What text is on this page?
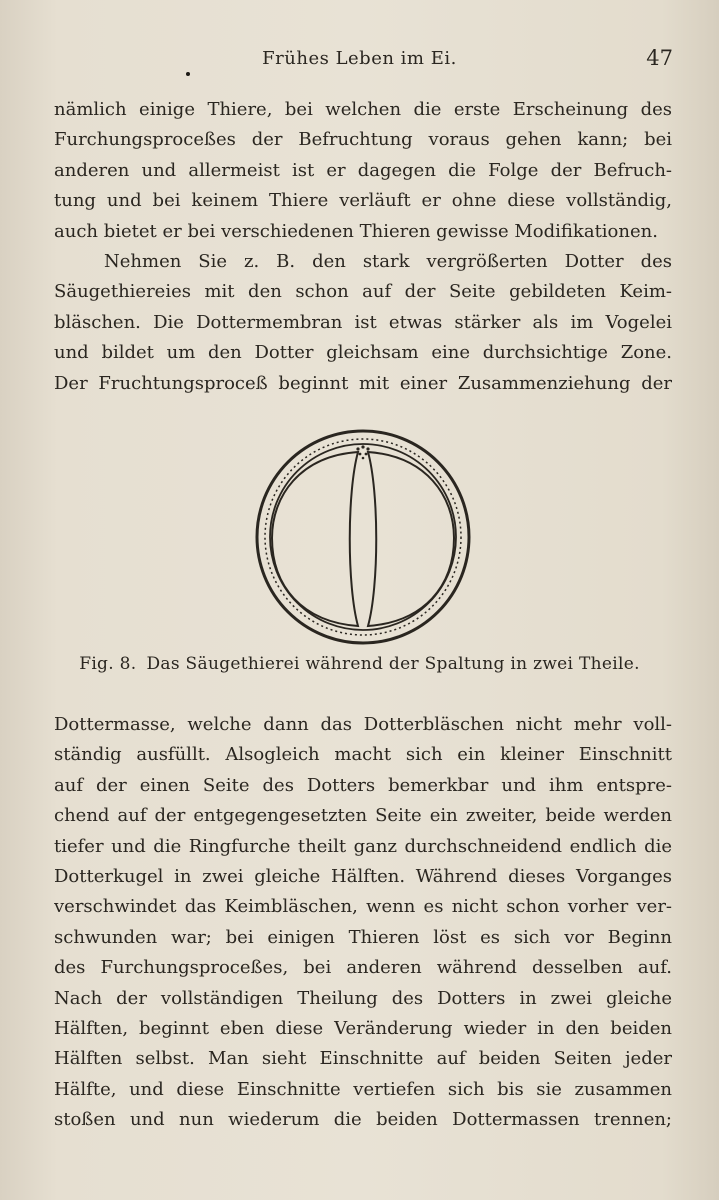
Frühes Leben im Ei.	47
nämlich einige Thiere, bei welchen die erste Erscheinung des
Furchungsproceßes der Befruchtung voraus gehen kann; bei
anderen und allermeist ist er dagegen die Folge der Befruch-
tung und bei keinem Thiere verläuft er ohne diese vollständig,
auch bietet er bei verschiedenen Thieren gewisse Modifikationen.
Nehmen Sie z. B. den stark vergrößerten Dotter des
Säugethiereies mit den schon auf der Seite gebildeten Keim-
bläschen. Die Dottermembran ist etwas stärker als im Vogelei
und bildet um den Dotter gleichsam eine durchsichtige Zone.
Der Fruchtungsproceß beginnt mit einer Zusammenziehung der
Fig. 8. Das Säugethierei während der Spaltung in zwei Theile.
Dottermasse, welche dann das Dotterbläschen nicht mehr voll-
ständig ausfüllt. Alsogleich macht sich ein kleiner Einschnitt
auf der einen Seite des Dotters bemerkbar und ihm entspre-
chend auf der entgegengesetzten Seite ein zweiter, beide werden
tiefer und die Ringfurche theilt ganz durchschneidend endlich die
Dotterkugel in zwei gleiche Hälften. Während dieses Vorganges
verschwindet das Keimbläschen, wenn es nicht schon vorher ver-
schwunden war; bei einigen Thieren löst es sich vor Beginn
des Furchungsproceßes, bei anderen während desselben auf.
Nach der vollständigen Theilung des Dotters in zwei gleiche
Hälften, beginnt eben diese Veränderung wieder in den beiden
Hälften selbst. Man sieht Einschnitte auf beiden Seiten jeder
Hälfte, und diese Einschnitte vertiefen sich bis sie zusammen
stoßen und nun wiederum die beiden Dottermassen trennen;
